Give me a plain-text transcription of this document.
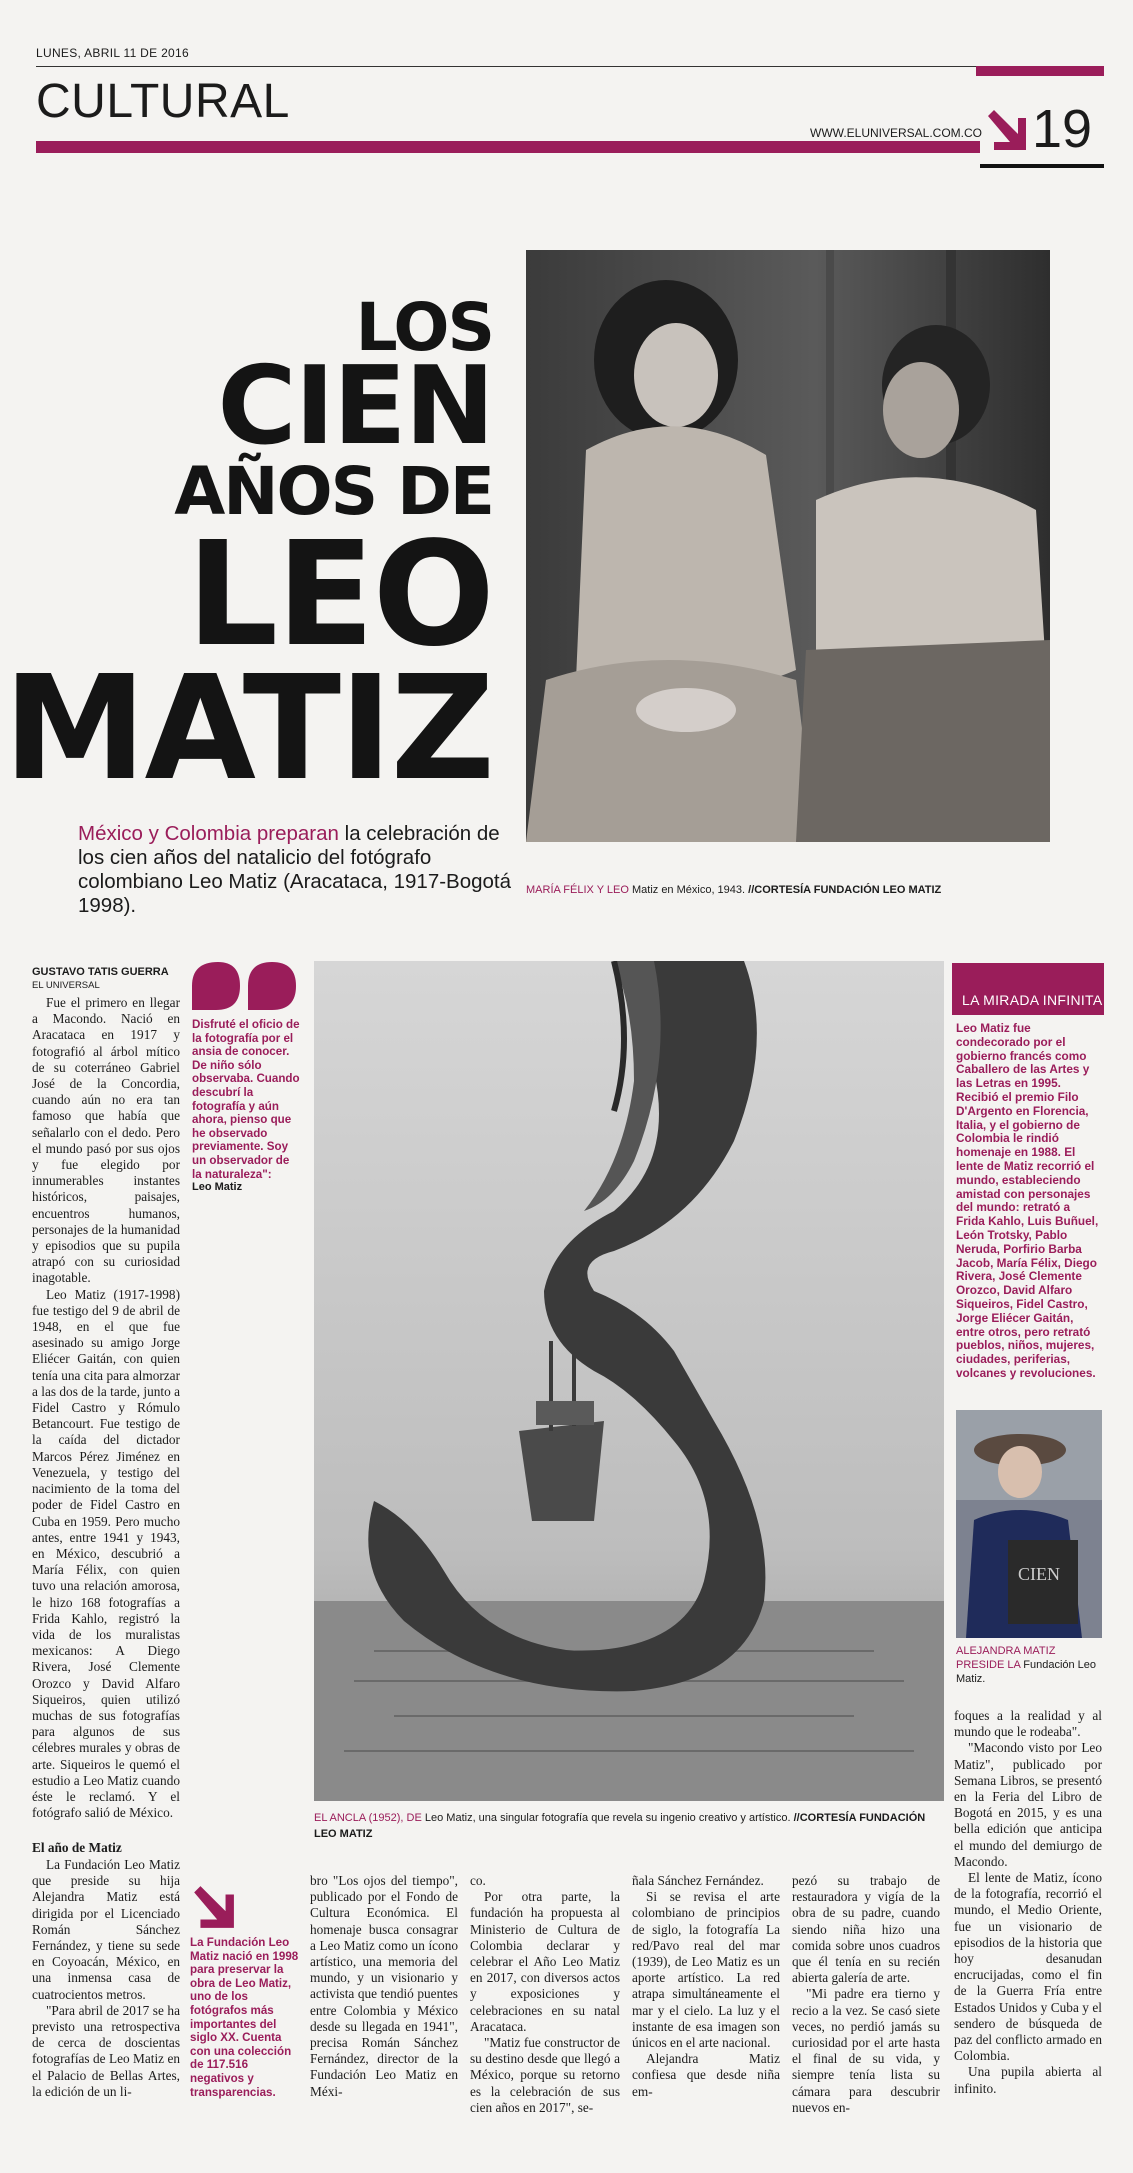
LUNES, ABRIL 11 DE 2016
CULTURAL
WWW.ELUNIVERSAL.COM.CO 19
LOS
CIEN
AÑOS DE
LEO
MATIZ
México y Colombia preparan la celebración de los cien años del natalicio del fotógrafo colombiano Leo Matiz (Aracataca, 1917-Bogotá 1998).
MARÍA FÉLIX Y LEO Matiz en México, 1943. //CORTESÍA FUNDACIÓN LEO MATIZ
GUSTAVO TATIS GUERRA
EL UNIVERSAL

Fue el primero en llegar a Macondo. Nació en Aracataca en 1917 y fotografió al árbol mítico de su coterráneo Gabriel José de la Concordia, cuando aún no era tan famoso que había que señalarlo con el dedo. Pero el mundo pasó por sus ojos y fue elegido por innumerables instantes históricos, paisajes, encuentros humanos, personajes de la humanidad y episodios que su pupila atrapó con su curiosidad inagotable.

Leo Matiz (1917-1998) fue testigo del 9 de abril de 1948, en el que fue asesinado su amigo Jorge Eliécer Gaitán, con quien tenía una cita para almorzar a las dos de la tarde, junto a Fidel Castro y Rómulo Betancourt. Fue testigo de la caída del dictador Marcos Pérez Jiménez en Venezuela, y testigo del nacimiento de la toma del poder de Fidel Castro en Cuba en 1959. Pero mucho antes, entre 1941 y 1943, en México, descubrió a María Félix, con quien tuvo una relación amorosa, le hizo 168 fotografías a Frida Kahlo, registró la vida de los muralistas mexicanos: A Diego Rivera, José Clemente Orozco y David Alfaro Siqueiros, quien utilizó muchas de sus fotografías para algunos de sus célebres murales y obras de arte. Siqueiros le quemó el estudio a Leo Matiz cuando éste le reclamó. Y el fotógrafo salió de México.

Disfruté el oficio de la fotografía por el ansia de conocer. De niño sólo observaba. Cuando descubrí la fotografía y aún ahora, pienso que he observado previamente. Soy un observador de la naturaleza":
Leo Matiz
EL ANCLA (1952), DE Leo Matiz, una singular fotografía que revela su ingenio creativo y artístico. //CORTESÍA FUNDACIÓN LEO MATIZ
LA MIRADA INFINITA
Leo Matiz fue condecorado por el gobierno francés como Caballero de las Artes y las Letras en 1995. Recibió el premio Filo D'Argento en Florencia, Italia, y el gobierno de Colombia le rindió homenaje en 1988. El lente de Matiz recorrió el mundo, estableciendo amistad con personajes del mundo: retrató a Frida Kahlo, Luis Buñuel, León Trotsky, Pablo Neruda, Porfirio Barba Jacob, María Félix, Diego Rivera, José Clemente Orozco, David Alfaro Siqueiros, Fidel Castro, Jorge Eliécer Gaitán, entre otros, pero retrató pueblos, niños, mujeres, ciudades, periferias, volcanes y revoluciones.
CIEN
ALEJANDRA MATIZ PRESIDE LA Fundación Leo Matiz.
El año de Matiz

La Fundación Leo Matiz que preside su hija Alejandra Matiz está dirigida por el Licenciado Román Sánchez Fernández, y tiene su sede en Coyoacán, México, en una inmensa casa de cuatrocientos metros.

"Para abril de 2017 se ha previsto una retrospectiva de cerca de doscientas fotografías de Leo Matiz en el Palacio de Bellas Artes, la edición de un li-

La Fundación Leo Matiz nació en 1998 para preservar la obra de Leo Matiz, uno de los fotógrafos más importantes del siglo XX. Cuenta con una colección de 117.516 negativos y transparencias.

bro "Los ojos del tiempo", publicado por el Fondo de Cultura Económica. El homenaje busca consagrar a Leo Matiz como un ícono artístico, una memoria del mundo, y un visionario y activista que tendió puentes entre Colombia y México desde su llegada en 1941", precisa Román Sánchez Fernández, director de la Fundación Leo Matiz en Méxi-

co.

Por otra parte, la fundación ha propuesta al Ministerio de Cultura de Colombia declarar y celebrar el Año Leo Matiz en 2017, con diversos actos y exposiciones y celebraciones en su natal Aracataca.

"Matiz fue constructor de su destino desde que llegó a México, porque su retorno es la celebración de sus cien años en 2017", se-

ñala Sánchez Fernández.

Si se revisa el arte colombiano de principios de siglo, la fotografía La red/Pavo real del mar (1939), de Leo Matiz es un aporte artístico. La red atrapa simultáneamente el mar y el cielo. La luz y el instante de esa imagen son únicos en el arte nacional.

Alejandra Matiz confiesa que desde niña em-

pezó su trabajo de restauradora y vigía de la obra de su padre, cuando siendo niña hizo una comida sobre unos cuadros que él tenía en su recién abierta galería de arte.

"Mi padre era tierno y recio a la vez. Se casó siete veces, no perdió jamás su curiosidad por el arte hasta el final de su vida, y siempre tenía lista su cámara para descubrir nuevos en-

foques a la realidad y al mundo que le rodeaba".

"Macondo visto por Leo Matiz", publicado por Semana Libros, se presentó en la Feria del Libro de Bogotá en 2015, y es una bella edición que anticipa el mundo del demiurgo de Macondo.

El lente de Matiz, ícono de la fotografía, recorrió el mundo, el Medio Oriente, fue un visionario de episodios de la historia que hoy desanudan encrucijadas, como el fin de la Guerra Fría entre Estados Unidos y Cuba y el sendero de búsqueda de paz del conflicto armado en Colombia.

Una pupila abierta al infinito.
